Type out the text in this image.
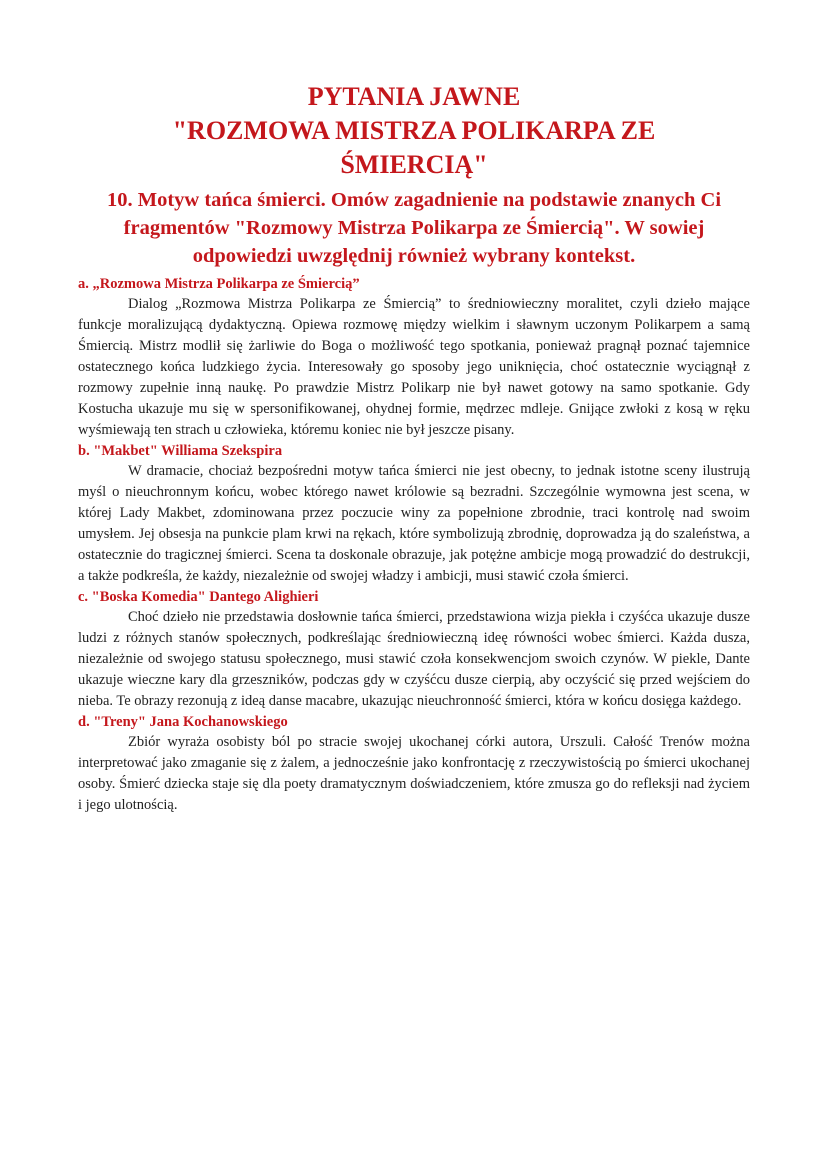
PYTANIA JAWNE
"ROZMOWA MISTRZA POLIKARPA ZE
ŚMIERCIĄ"
10. Motyw tańca śmierci. Omów zagadnienie na podstawie znanych Ci fragmentów "Rozmowy Mistrza Polikarpa ze Śmiercią". W sowiej odpowiedzi uwzględnij również wybrany kontekst.

a. „Rozmowa Mistrza Polikarpa ze Śmiercią”

Dialog „Rozmowa Mistrza Polikarpa ze Śmiercią” to średniowieczny moralitet, czyli dzieło mające funkcje moralizującą dydaktyczną. Opiewa rozmowę między wielkim i sławnym uczonym Polikarpem a samą Śmiercią. Mistrz modlił się żarliwie do Boga o możliwość tego spotkania, ponieważ pragnął poznać tajemnice ostatecznego końca ludzkiego życia. Interesowały go sposoby jego uniknięcia, choć ostatecznie wyciągnął z rozmowy zupełnie inną naukę. Po prawdzie Mistrz Polikarp nie był nawet gotowy na samo spotkanie. Gdy Kostucha ukazuje mu się w spersonifikowanej, ohydnej formie, mędrzec mdleje. Gnijące zwłoki z kosą w ręku wyśmiewają ten strach u człowieka, któremu koniec nie był jeszcze pisany.

b. "Makbet" Williama Szekspira

W dramacie, chociaż bezpośredni motyw tańca śmierci nie jest obecny, to jednak istotne sceny ilustrują myśl o nieuchronnym końcu, wobec którego nawet królowie są bezradni. Szczególnie wymowna jest scena, w której Lady Makbet, zdominowana przez poczucie winy za popełnione zbrodnie, traci kontrolę nad swoim umysłem. Jej obsesja na punkcie plam krwi na rękach, które symbolizują zbrodnię, doprowadza ją do szaleństwa, a ostatecznie do tragicznej śmierci. Scena ta doskonale obrazuje, jak potężne ambicje mogą prowadzić do destrukcji, a także podkreśla, że każdy, niezależnie od swojej władzy i ambicji, musi stawić czoła śmierci.

c. "Boska Komedia" Dantego Alighieri

Choć dzieło nie przedstawia dosłownie tańca śmierci, przedstawiona wizja piekła i czyśćca ukazuje dusze ludzi z różnych stanów społecznych, podkreślając średniowieczną ideę równości wobec śmierci. Każda dusza, niezależnie od swojego statusu społecznego, musi stawić czoła konsekwencjom swoich czynów. W piekle, Dante ukazuje wieczne kary dla grzeszników, podczas gdy w czyśćcu dusze cierpią, aby oczyścić się przed wejściem do nieba. Te obrazy rezonują z ideą danse macabre, ukazując nieuchronność śmierci, która w końcu dosięga każdego.

d. "Treny" Jana Kochanowskiego

Zbiór wyraża osobisty ból po stracie swojej ukochanej córki autora, Urszuli. Całość Trenów można interpretować jako zmaganie się z żalem, a jednocześnie jako konfrontację z rzeczywistością po śmierci ukochanej osoby. Śmierć dziecka staje się dla poety dramatycznym doświadczeniem, które zmusza go do refleksji nad życiem i jego ulotnością.
